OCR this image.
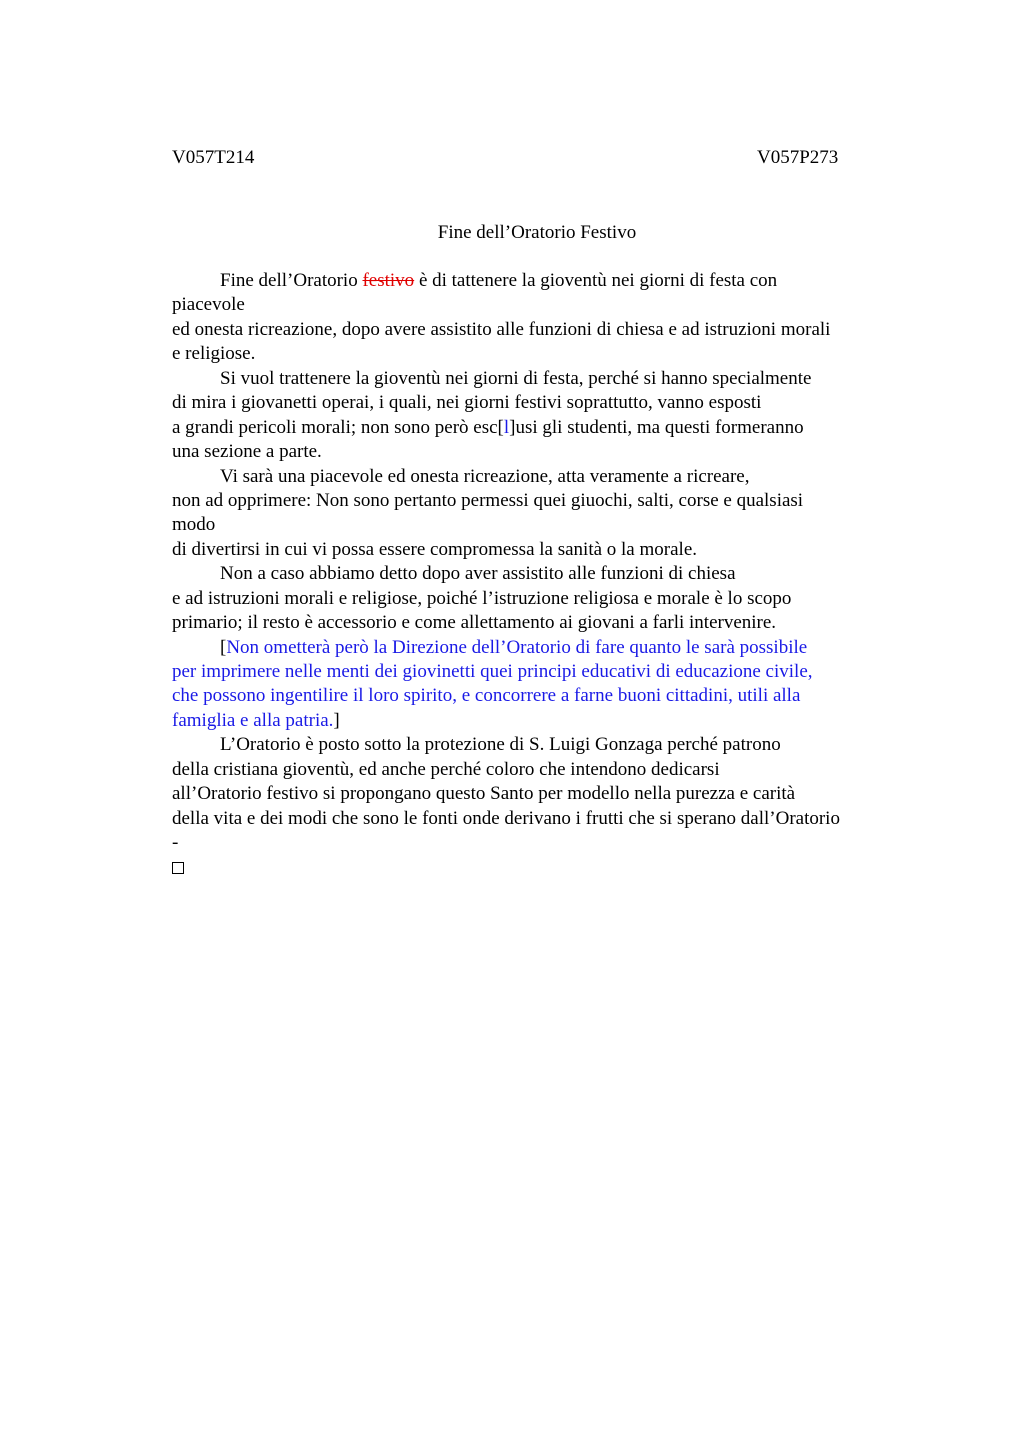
V057T214	V057P273
Fine dell’Oratorio Festivo
Fine dell’Oratorio festivo è di tattenere la gioventù nei giorni di festa con
piacevole
ed onesta ricreazione, dopo avere assistito alle funzioni di chiesa e ad istruzioni morali
e religiose.
Si vuol trattenere la gioventù nei giorni di festa, perché si hanno specialmente
di mira i giovanetti operai, i quali, nei giorni festivi soprattutto, vanno esposti
a grandi pericoli morali; non sono però esc[l]usi gli studenti, ma questi formeranno
una sezione a parte.
Vi sarà una piacevole ed onesta ricreazione, atta veramente a ricreare,
non ad opprimere: Non sono pertanto permessi quei giuochi, salti, corse e qualsiasi
modo
di divertirsi in cui vi possa essere compromessa la sanità o la morale.
Non a caso abbiamo detto dopo aver assistito alle funzioni di chiesa
e ad istruzioni morali e religiose, poiché l’istruzione religiosa e morale è lo scopo
primario; il resto è accessorio e come allettamento ai giovani a farli intervenire.
[Non ometterà però la Direzione dell’Oratorio di fare quanto le sarà possibile
per imprimere nelle menti dei giovinetti quei principi educativi di educazione civile,
che possono ingentilire il loro spirito, e concorrere a farne buoni cittadini, utili alla
famiglia e alla patria.]
L’Oratorio è posto sotto la protezione di S. Luigi Gonzaga perché patrono
della cristiana gioventù, ed anche perché coloro che intendono dedicarsi
all’Oratorio festivo si propongano questo Santo per modello nella purezza e carità
della vita e dei modi che sono le fonti onde derivano i frutti che si sperano dall’Oratorio
-
